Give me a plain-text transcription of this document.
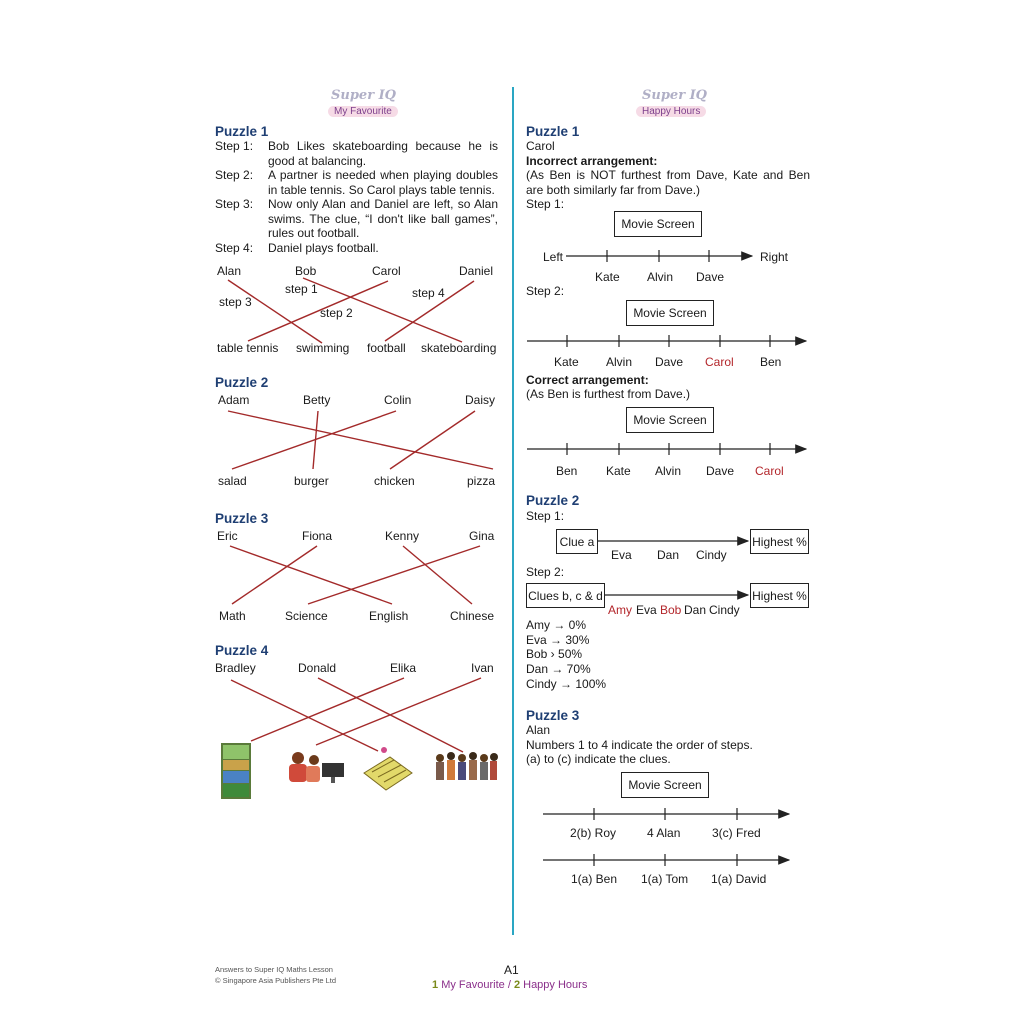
Super IQ
My Favourite
Super IQ
Happy Hours
Puzzle 1
Step 1:	Bob Likes skateboarding because he is good at balancing.
Step 2:	A partner is needed when playing doubles in table tennis. So Carol plays table tennis.
Step 3:	Now only Alan and Daniel are left, so Alan swims. The clue, “I don't like ball games”, rules out football.
Step 4:	Daniel plays football.
Alan	Bob	Carol	Daniel
step 1
step 2
step 3
step 4
table tennis swimming football skateboarding
Puzzle 2
Adam	Betty	Colin	Daisy
salad	burger	chicken	pizza
Puzzle 3
Eric	Fiona	Kenny	Gina
Math	Science	English	Chinese
Puzzle 4
Bradley	Donald	Elika	Ivan
Puzzle 1
Carol
Incorrect arrangement:
(As Ben is NOT furthest from Dave, Kate and Ben are both similarly far from Dave.)
Step 1:
Movie Screen
Left	Right
Kate Alvin Dave
Step 2:
Movie Screen
Kate Alvin Dave Carol Ben
Correct arrangement:
(As Ben is furthest from Dave.)
Movie Screen
Ben Kate Alvin Dave Carol
Puzzle 2
Step 1:
Clue a	Highest %
Eva Dan Cindy
Step 2:
Clues b, c & d	Highest %
Amy Eva Bob Dan Cindy
Amy → 0%
Eva → 30%
Bob › 50%
Dan → 70%
Cindy → 100%
Puzzle 3
Alan
Numbers 1 to 4 indicate the order of steps.
(a) to (c) indicate the clues.
Movie Screen
2(b) Roy	4 Alan	3(c) Fred
1(a) Ben 1(a) Tom 1(a) David
Answers to Super IQ Maths Lesson
© Singapore Asia Publishers Pte Ltd
A1
1 My Favourite / 2 Happy Hours
